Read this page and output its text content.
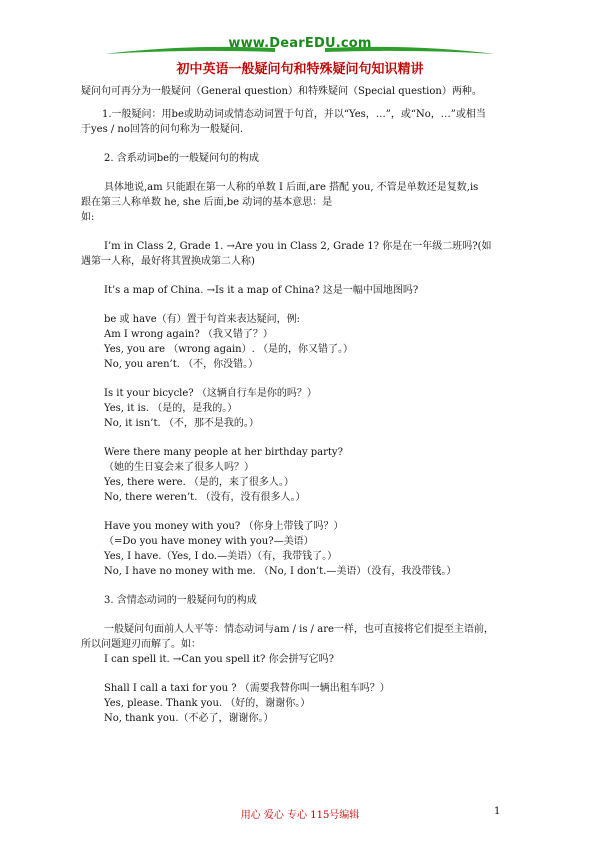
www.DearEDU.com
初中英语一般疑问句和特殊疑问句知识精讲

疑问句可再分为一般疑问（General question）和特殊疑问（Special question）两种。

1.一般疑问：用be或助动词或情态动词置于句首，并以“Yes，…”，或“No，…”或相当

于yes / no回答的问句称为一般疑问.

2. 含系动词be的一般疑问句的构成

具体地说,am 只能跟在第一人称的单数 I 后面,are 搭配 you, 不管是单数还是复数,is

跟在第三人称单数 he, she 后面,be 动词的基本意思：是

如:

I’m in Class 2, Grade 1. →Are you in Class 2, Grade 1? 你是在一年级二班吗?(如

遇第一人称，最好将其置换成第二人称)

It’s a map of China. →Is it a map of China? 这是一幅中国地图吗?

be 或 have（有）置于句首来表达疑问，例:

Am I wrong again? （我又错了？）

Yes, you are （wrong again）. （是的，你又错了。）

No, you aren’t. （不，你没错。）

Is it your bicycle? （这辆自行车是你的吗？）

Yes, it is. （是的，是我的。）

No, it isn’t. （不，那不是我的。）

Were there many people at her birthday party?

（她的生日宴会来了很多人吗？）

Yes, there were. （是的，来了很多人。）

No, there weren’t. （没有，没有很多人。）

Have you money with you? （你身上带钱了吗？）

（=Do you have money with you?—美语）

Yes, I have.（Yes, I do.—美语）（有，我带钱了。）

No, I have no money with me. （No, I don’t.—美语）（没有，我没带钱。）

3. 含情态动词的一般疑问句的构成

一般疑问句面前人人平等：情态动词与am / is / are一样，也可直接将它们提至主语前，

所以问题迎刃而解了。如：

I can spell it. →Can you spell it? 你会拼写它吗?

Shall I call a taxi for you ? （需要我替你叫一辆出租车吗？）

Yes, please. Thank you. （好的，谢谢你。）

No, thank you.（不必了，谢谢你。）

用心 爱心 专心 115号编辑	1
